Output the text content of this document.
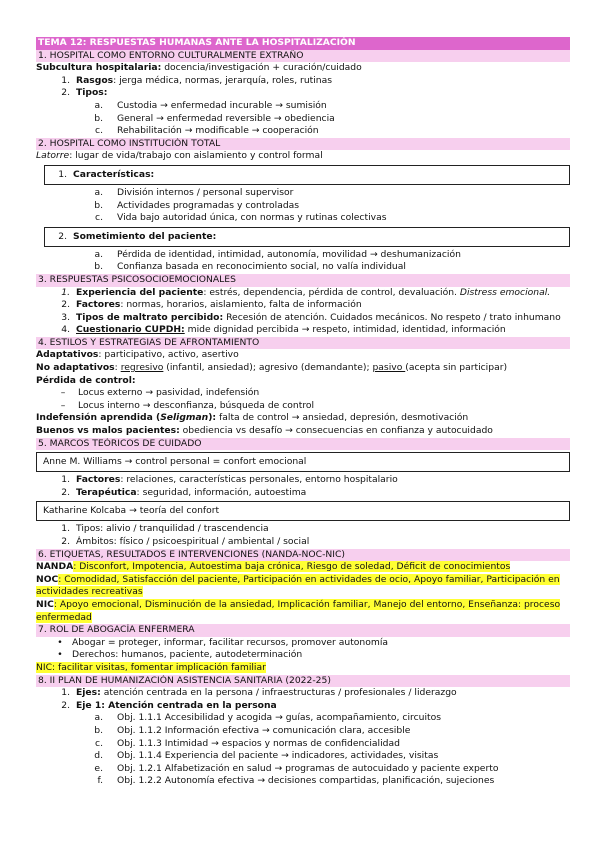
TEMA 12: RESPUESTAS HUMANAS ANTE LA HOSPITALIZACIÓN
1. HOSPITAL COMO ENTORNO CULTURALMENTE EXTRAÑO
Subcultura hospitalaria: docencia/investigación + curación/cuidado
1. Rasgos: jerga médica, normas, jerarquía, roles, rutinas
2. Tipos:
a. Custodia → enfermedad incurable → sumisión
b. General → enfermedad reversible → obediencia
c. Rehabilitación → modificable → cooperación
2. HOSPITAL COMO INSTITUCIÓN TOTAL
Latorre: lugar de vida/trabajo con aislamiento y control formal
1. Características:
a. División internos / personal supervisor
b. Actividades programadas y controladas
c. Vida bajo autoridad única, con normas y rutinas colectivas
2. Sometimiento del paciente:
a. Pérdida de identidad, intimidad, autonomía, movilidad → deshumanización
b. Confianza basada en reconocimiento social, no valía individual
3. RESPUESTAS PSICOSOCIOEMOCIONALES
1. Experiencia del paciente: estrés, dependencia, pérdida de control, devaluación. Distress emocional.
2. Factores: normas, horarios, aislamiento, falta de información
3. Tipos de maltrato percibido: Recesión de atención. Cuidados mecánicos. No respeto / trato inhumano
4. Cuestionario CUPDH: mide dignidad percibida → respeto, intimidad, identidad, información
4. ESTILOS Y ESTRATEGIAS DE AFRONTAMIENTO
Adaptativos: participativo, activo, asertivo
No adaptativos: regresivo (infantil, ansiedad); agresivo (demandante); pasivo (acepta sin participar)
Pérdida de control:
– Locus externo → pasividad, indefensión
– Locus interno → desconfianza, búsqueda de control
Indefensión aprendida (Seligman): falta de control → ansiedad, depresión, desmotivación
Buenos vs malos pacientes: obediencia vs desafío → consecuencias en confianza y autocuidado
5. MARCOS TEÓRICOS DE CUIDADO
Anne M. Williams → control personal = confort emocional
1. Factores: relaciones, características personales, entorno hospitalario
2. Terapéutica: seguridad, información, autoestima
Katharine Kolcaba → teoría del confort
1. Tipos: alivio / tranquilidad / trascendencia
2. Ámbitos: físico / psicoespiritual / ambiental / social
6. ETIQUETAS, RESULTADOS E INTERVENCIONES (NANDA-NOC-NIC)
NANDA: Disconfort, Impotencia, Autoestima baja crónica, Riesgo de soledad, Déficit de conocimientos
NOC: Comodidad, Satisfacción del paciente, Participación en actividades de ocio, Apoyo familiar, Participación en
actividades recreativas
NIC: Apoyo emocional, Disminución de la ansiedad, Implicación familiar, Manejo del entorno, Enseñanza: proceso
enfermedad
7. ROL DE ABOGACÍA ENFERMERA
• Abogar = proteger, informar, facilitar recursos, promover autonomía
• Derechos: humanos, paciente, autodeterminación
NIC: facilitar visitas, fomentar implicación familiar
8. II PLAN DE HUMANIZACIÓN ASISTENCIA SANITARIA (2022-25)
1. Ejes: atención centrada en la persona / infraestructuras / profesionales / liderazgo
2. Eje 1: Atención centrada en la persona
a. Obj. 1.1.1 Accesibilidad y acogida → guías, acompañamiento, circuitos
b. Obj. 1.1.2 Información efectiva → comunicación clara, accesible
c. Obj. 1.1.3 Intimidad → espacios y normas de confidencialidad
d. Obj. 1.1.4 Experiencia del paciente → indicadores, actividades, visitas
e. Obj. 1.2.1 Alfabetización en salud → programas de autocuidado y paciente experto
f. Obj. 1.2.2 Autonomía efectiva → decisiones compartidas, planificación, sujeciones
